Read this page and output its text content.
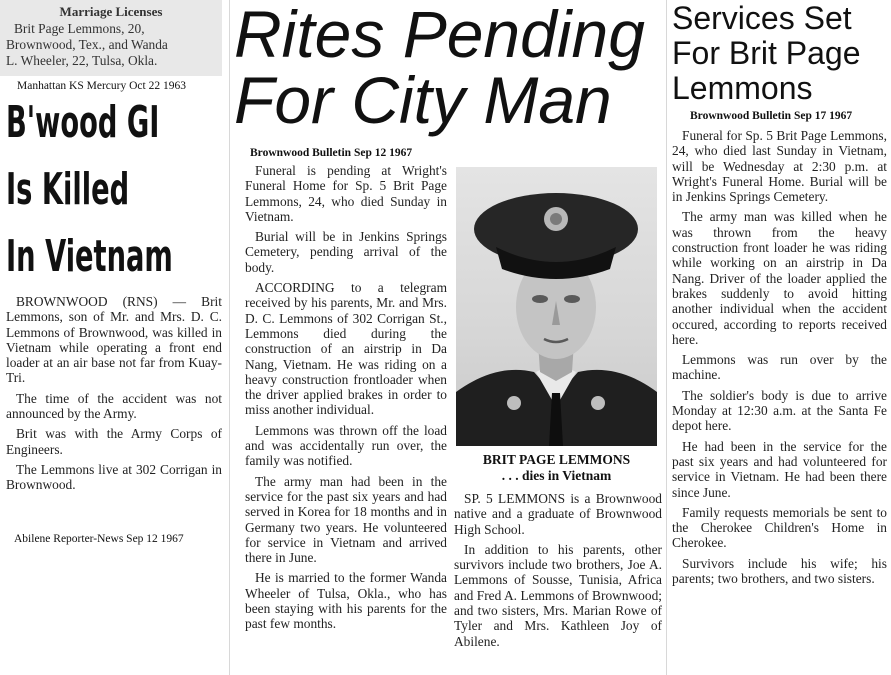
Marriage Licenses
Brit Page Lemmons, 20,
Brownwood, Tex., and Wanda
L. Wheeler, 22, Tulsa, Okla.
Manhattan KS Mercury Oct 22 1963
B'wood GI
Is Killed
In Vietnam

BROWNWOOD (RNS) — Brit Lemmons, son of Mr. and Mrs. D. C. Lemmons of Brownwood, was killed in Vietnam while operating a front end loader at an air base not far from Kuay-Tri.

The time of the accident was not announced by the Army.

Brit was with the Army Corps of Engineers.

The Lemmons live at 302 Corrigan in Brownwood.

Abilene Reporter-News Sep 12 1967
Rites Pending
For City Man
Brownwood Bulletin Sep 12 1967

Funeral is pending at Wright's Funeral Home for Sp. 5 Brit Page Lemmons, 24, who died Sunday in Vietnam.

Burial will be in Jenkins Springs Cemetery, pending arrival of the body.

ACCORDING to a telegram received by his parents, Mr. and Mrs. D. C. Lemmons of 302 Corrigan St., Lemmons died during the construction of an airstrip in Da Nang, Vietnam. He was riding on a heavy construction frontloader when the driver applied brakes in order to miss another individual.

Lemmons was thrown off the load and was accidentally run over, the family was notified.

The army man had been in the service for the past six years and had served in Korea for 18 months and in Germany two years. He volunteered for service in Vietnam and arrived there in June.

He is married to the former Wanda Wheeler of Tulsa, Okla., who has been staying with his parents for the past few months.

BRIT PAGE LEMMONS
. . . dies in Vietnam

SP. 5 LEMMONS is a Brownwood native and a graduate of Brownwood High School.

In addition to his parents, other survivors include two brothers, Joe A. Lemmons of Sousse, Tunisia, Africa and Fred A. Lemmons of Brownwood; and two sisters, Mrs. Marian Rowe of Tyler and Mrs. Kathleen Joy of Abilene.

Services Set
For Brit Page
Lemmons
Brownwood Bulletin Sep 17 1967

Funeral for Sp. 5 Brit Page Lemmons, 24, who died last Sunday in Vietnam, will be Wednesday at 2:30 p.m. at Wright's Funeral Home. Burial will be in Jenkins Springs Cemetery.

The army man was killed when he was thrown from the heavy construction front loader he was riding while working on an airstrip in Da Nang. Driver of the loader applied the brakes suddenly to avoid hitting another individual when the accident occured, according to reports received here.

Lemmons was run over by the machine.

The soldier's body is due to arrive Monday at 12:30 a.m. at the Santa Fe depot here.

He had been in the service for the past six years and had volunteered for service in Vietnam. He had been there since June.

Family requests memorials be sent to the Cherokee Children's Home in Cherokee.

Survivors include his wife; his parents; two brothers, and two sisters.
